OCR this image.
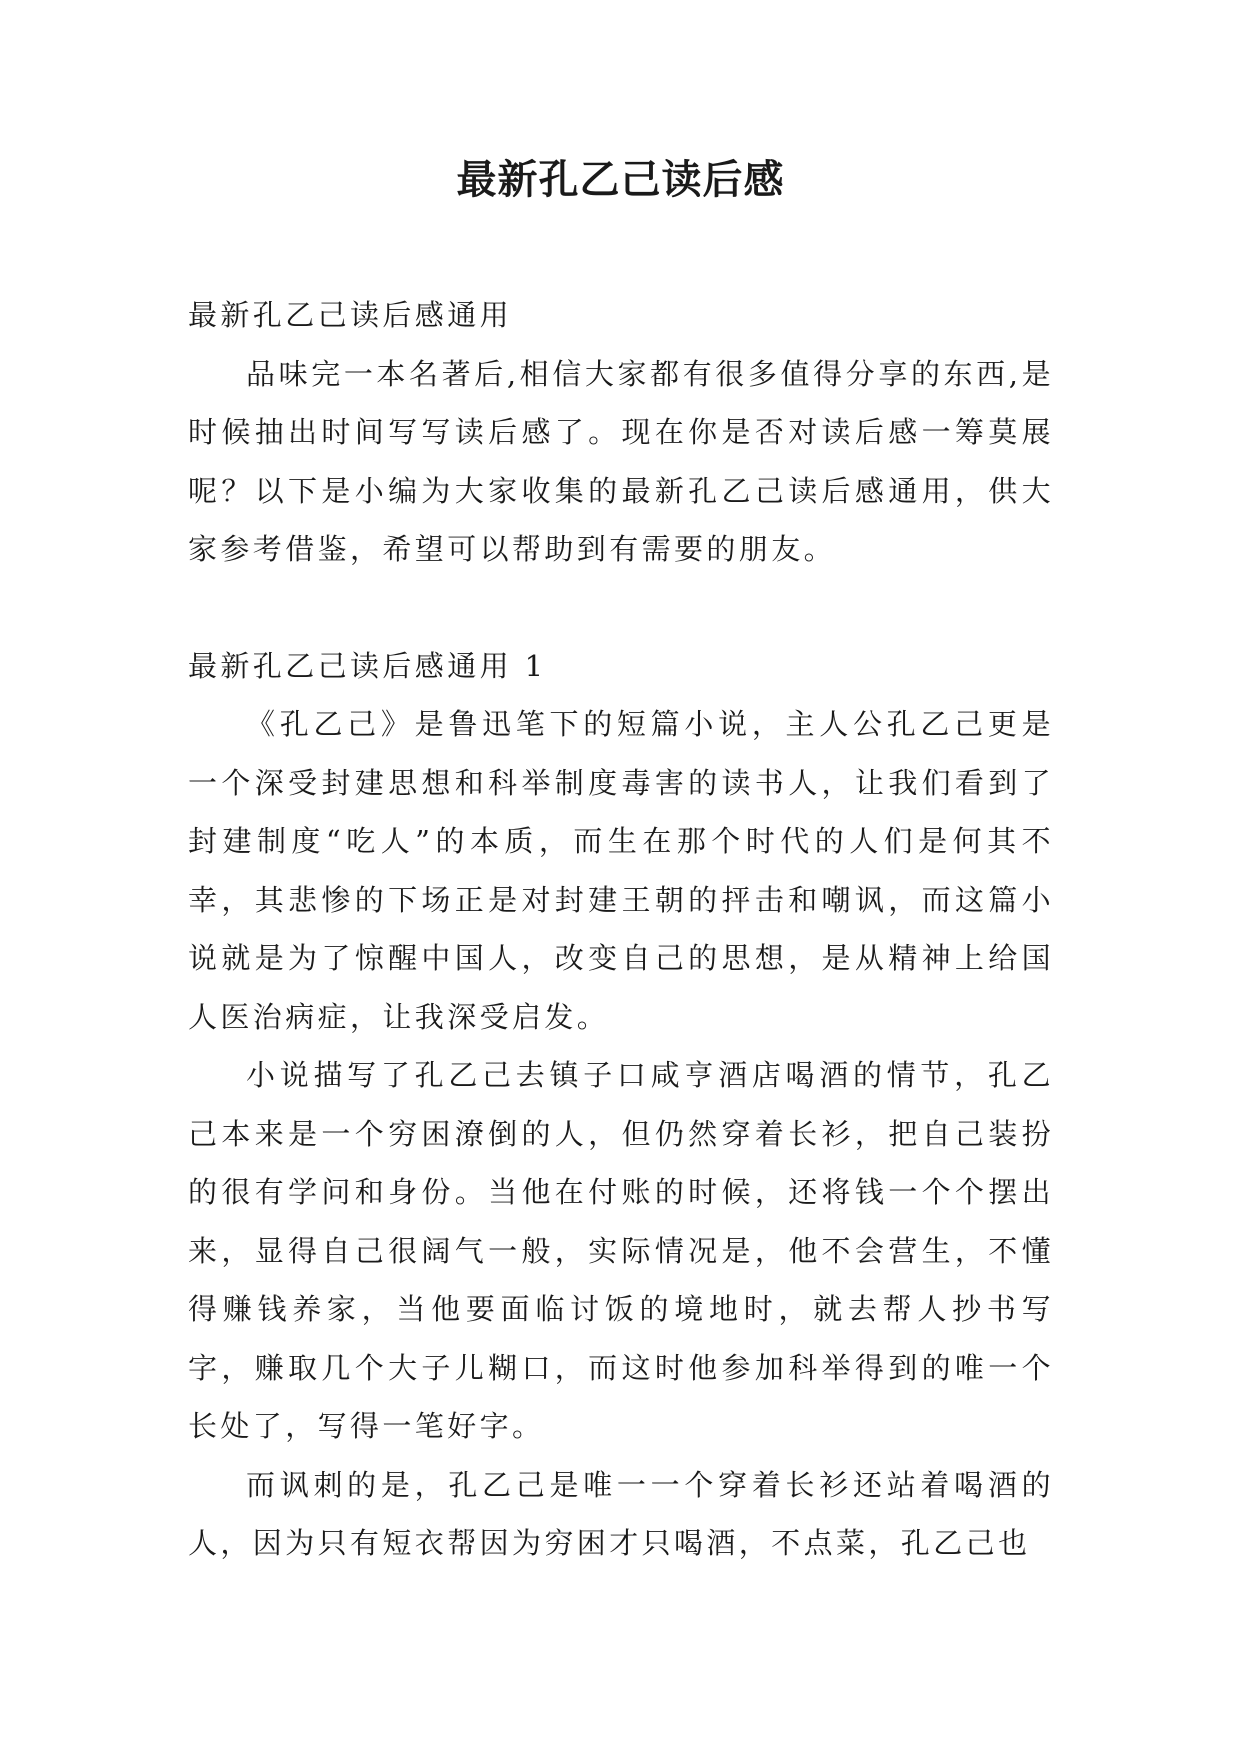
最新孔乙己读后感

最新孔乙己读后感通用

品味完一本名著后,相信大家都有很多值得分享的东西,是时候抽出时间写写读后感了。现在你是否对读后感一筹莫展呢？以下是小编为大家收集的最新孔乙己读后感通用，供大家参考借鉴，希望可以帮助到有需要的朋友。

最新孔乙己读后感通用 1

《孔乙己》是鲁迅笔下的短篇小说，主人公孔乙己更是一个深受封建思想和科举制度毒害的读书人，让我们看到了封建制度“吃人”的本质，而生在那个时代的人们是何其不幸，其悲惨的下场正是对封建王朝的抨击和嘲讽，而这篇小说就是为了惊醒中国人，改变自己的思想，是从精神上给国人医治病症，让我深受启发。

小说描写了孔乙己去镇子口咸亨酒店喝酒的情节，孔乙己本来是一个穷困潦倒的人，但仍然穿着长衫，把自己装扮的很有学问和身份。当他在付账的时候，还将钱一个个摆出来，显得自己很阔气一般，实际情况是，他不会营生，不懂得赚钱养家，当他要面临讨饭的境地时，就去帮人抄书写字，赚取几个大子儿糊口，而这时他参加科举得到的唯一个长处了，写得一笔好字。

而讽刺的是，孔乙己是唯一一个穿着长衫还站着喝酒的人，因为只有短衣帮因为穷困才只喝酒，不点菜，孔乙己也
